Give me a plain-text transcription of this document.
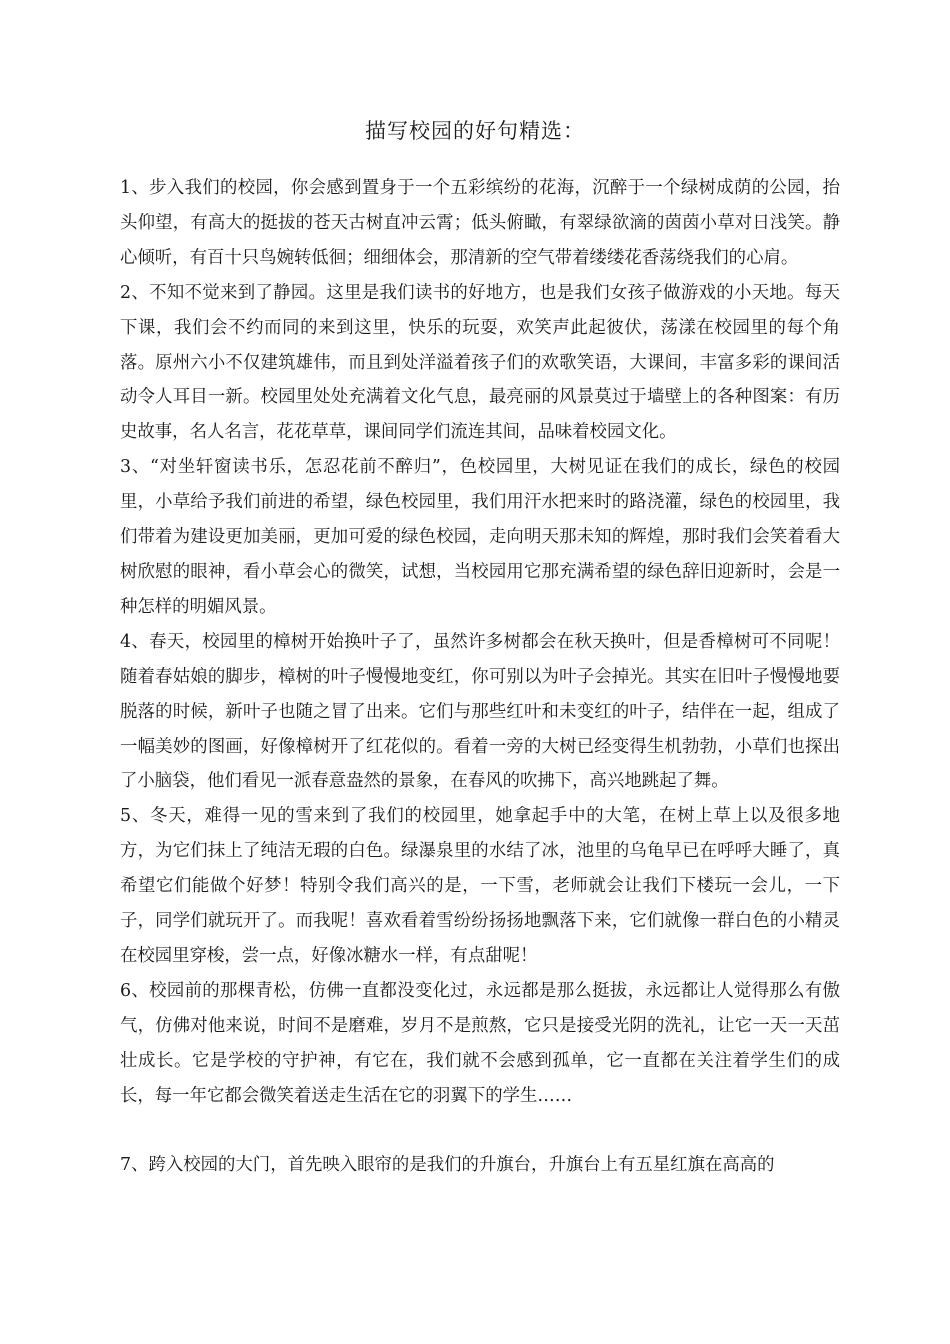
描写校园的好句精选：

1、步入我们的校园，你会感到置身于一个五彩缤纷的花海，沉醉于一个绿树成荫的公园，抬头仰望，有高大的挺拔的苍天古树直冲云霄；低头俯瞰，有翠绿欲滴的茵茵小草对日浅笑。静心倾听，有百十只鸟婉转低徊；细细体会，那清新的空气带着缕缕花香荡绕我们的心肩。

2、不知不觉来到了静园。这里是我们读书的好地方，也是我们女孩子做游戏的小天地。每天下课，我们会不约而同的来到这里，快乐的玩耍，欢笑声此起彼伏，荡漾在校园里的每个角落。原州六小不仅建筑雄伟，而且到处洋溢着孩子们的欢歌笑语，大课间，丰富多彩的课间活动令人耳目一新。校园里处处充满着文化气息，最亮丽的风景莫过于墙壁上的各种图案：有历史故事，名人名言，花花草草，课间同学们流连其间，品味着校园文化。

3、“对坐轩窗读书乐，怎忍花前不醉归”，色校园里，大树见证在我们的成长，绿色的校园里，小草给予我们前进的希望，绿色校园里，我们用汗水把来时的路浇灌，绿色的校园里，我们带着为建设更加美丽，更加可爱的绿色校园，走向明天那未知的辉煌，那时我们会笑着看大树欣慰的眼神，看小草会心的微笑，试想，当校园用它那充满希望的绿色辞旧迎新时，会是一种怎样的明媚风景。

4、春天，校园里的樟树开始换叶子了，虽然许多树都会在秋天换叶，但是香樟树可不同呢！随着春姑娘的脚步，樟树的叶子慢慢地变红，你可别以为叶子会掉光。其实在旧叶子慢慢地要脱落的时候，新叶子也随之冒了出来。它们与那些红叶和未变红的叶子，结伴在一起，组成了一幅美妙的图画，好像樟树开了红花似的。看着一旁的大树已经变得生机勃勃，小草们也探出了小脑袋，他们看见一派春意盎然的景象，在春风的吹拂下，高兴地跳起了舞。

5、冬天，难得一见的雪来到了我们的校园里，她拿起手中的大笔，在树上草上以及很多地方，为它们抹上了纯洁无瑕的白色。绿瀑泉里的水结了冰，池里的乌龟早已在呼呼大睡了，真希望它们能做个好梦！特别令我们高兴的是，一下雪，老师就会让我们下楼玩一会儿，一下子，同学们就玩开了。而我呢！喜欢看着雪纷纷扬扬地飘落下来，它们就像一群白色的小精灵在校园里穿梭，尝一点，好像冰糖水一样，有点甜呢！

6、校园前的那棵青松，仿佛一直都没变化过，永远都是那么挺拔，永远都让人觉得那么有傲气，仿佛对他来说，时间不是磨难，岁月不是煎熬，它只是接受光阴的洗礼，让它一天一天茁壮成长。它是学校的守护神，有它在，我们就不会感到孤单，它一直都在关注着学生们的成长，每一年它都会微笑着送走生活在它的羽翼下的学生……

7、跨入校园的大门，首先映入眼帘的是我们的升旗台，升旗台上有五星红旗在高高的
